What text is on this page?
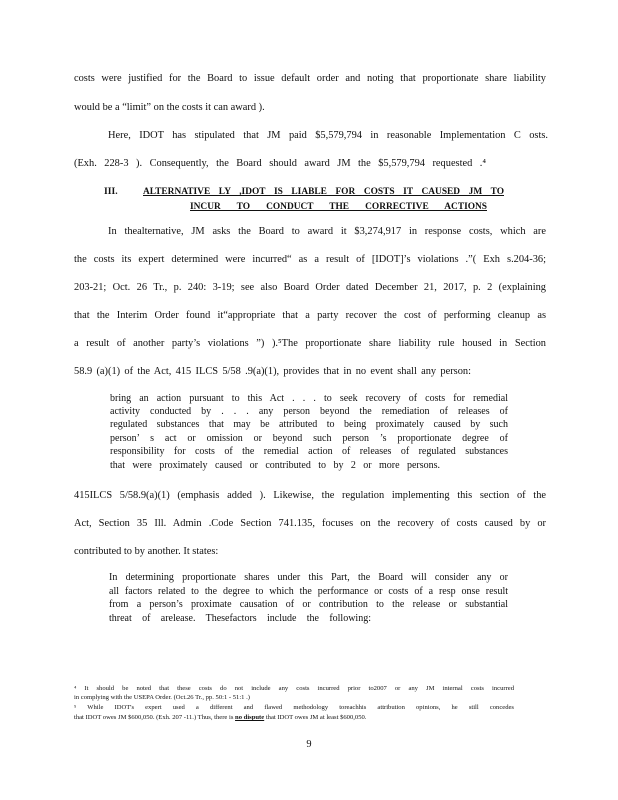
costs were justified for the Board to issue default order and noting that proportionate share liability
would be a “limit” on the costs it can award ).
Here, IDOT has stipulated that JM paid $5,579,794 in reasonable Implementation C osts.
(Exh. 228-3 ). Consequently, the Board should award JM the $5,579,794 requested .⁴
III.	ALTERNATIVE LY ,IDOT IS LIABLE FOR COSTS IT CAUSED JM TO
INCUR TO CONDUCT THE CORRECTIVE ACTIONS
In thealternative, JM asks the Board to award it $3,274,917 in response costs, which are
the costs its expert determined were incurred“ as a result of [IDOT]’s violations .”( Exh s.204-36;
203-21; Oct. 26 Tr., p. 240: 3-19; see also Board Order dated December 21, 2017, p. 2 (explaining
that the Interim Order found it“appropriate that a party recover the cost of performing cleanup as
a result of another party’s violations ”) ).⁵The proportionate share liability rule housed in Section
58.9 (a)(1) of the Act, 415 ILCS 5/58 .9(a)(1), provides that in no event shall any person:
bring an action pursuant to this Act . . . to seek recovery of costs for remedial
activity conducted by . . . any person beyond the remediation of releases of
regulated substances that may be attributed to being proximately caused by such
person’ s act or omission or beyond such person ’s proportionate degree of
responsibility for costs of the remedial action of releases of regulated substances
that were proximately caused or contributed to by 2 or more persons.
415ILCS 5/58.9(a)(1) (emphasis added ). Likewise, the regulation implementing this section of the
Act, Section 35 Ill. Admin .Code Section 741.135, focuses on the recovery of costs caused by or
contributed to by another. It states:
In determining proportionate shares under this Part, the Board will consider any or
all factors related to the degree to which the performance or costs of a resp onse result
from a person’s proximate causation of or contribution to the release or substantial
threat of arelease. Thesefactors include the following:
⁴ It should be noted that these costs do not include any costs incurred prior to2007 or any JM internal costs incurred
in complying with the USEPA Order. (Oct.26 Tr., pp. 50:1 - 51:1 .)
⁵ While IDOT's expert used a different and flawed methodology toreachhis attribution opinions, he still concedes
that IDOT owes JM $600,050. (Exh. 207 -11.) Thus, there is no dispute that IDOT owes JM at least $600,050.
9
